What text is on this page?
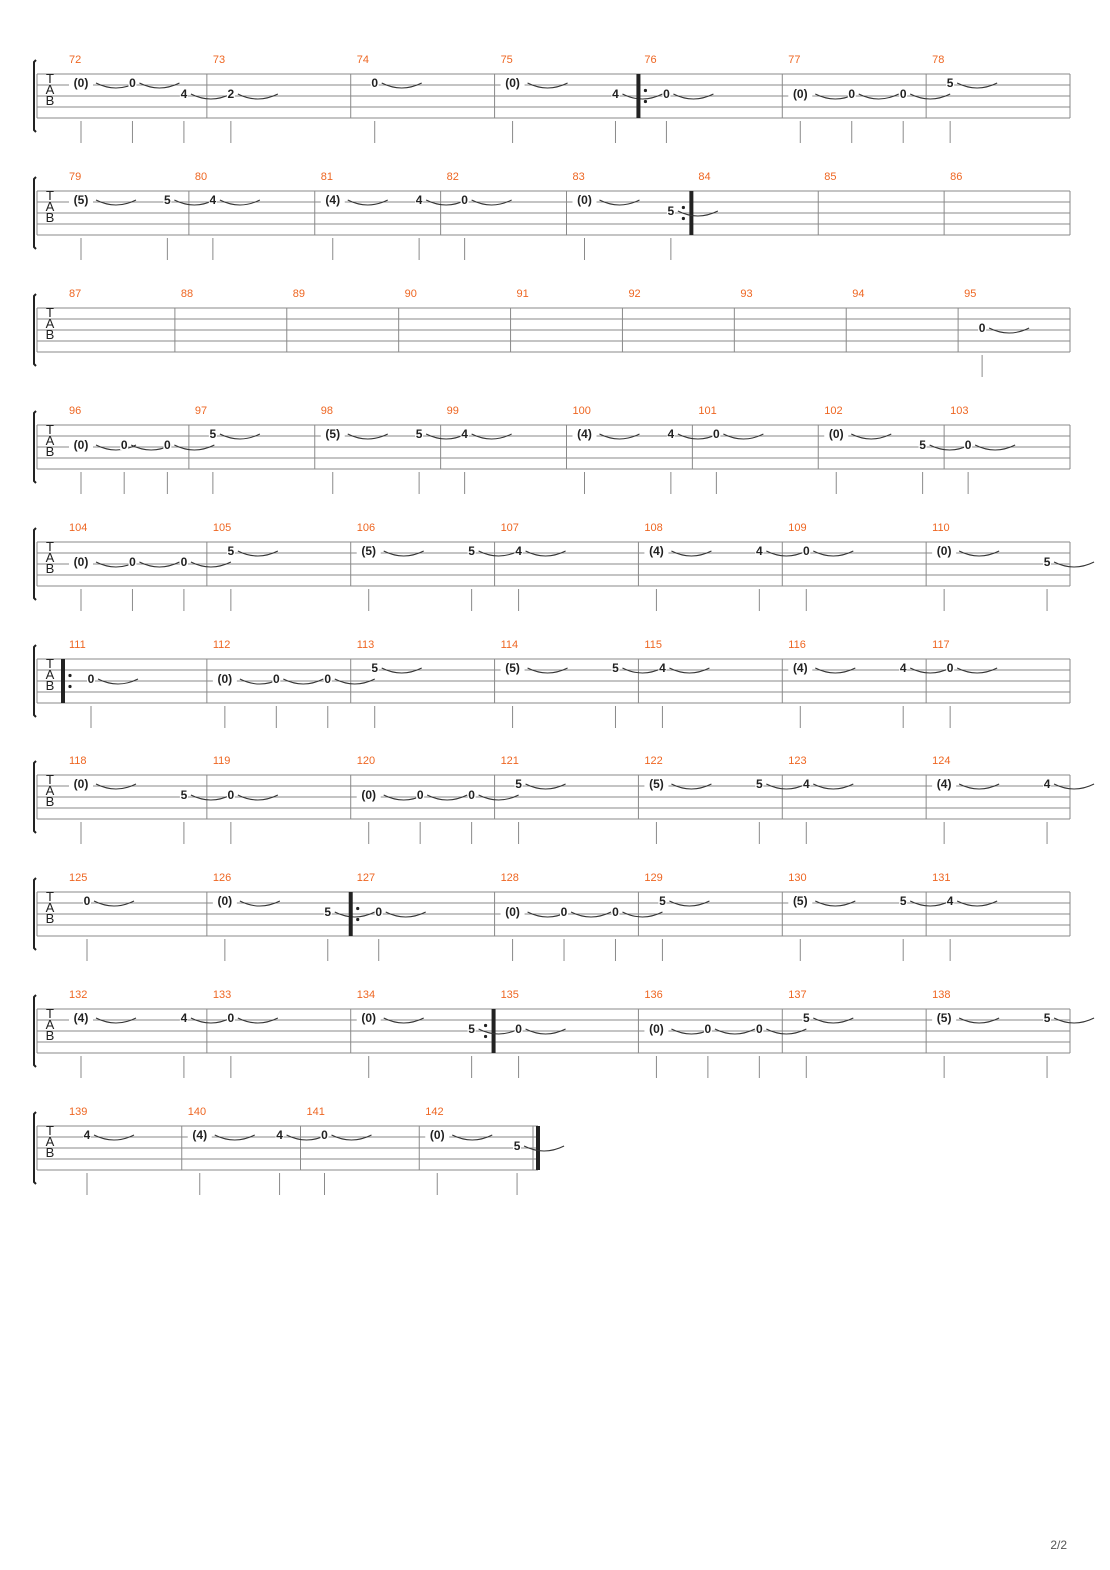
T
A
B
72
(0)	0
4
73
2
74
0
75
(0)
4
76
0
77
(0)	0	0
78
5
T
A
B
79
(5)	5
80
4
81
(4)	4
82
0
83
(0)
5
84	85	86
T
A
B
87	88	89	90	91	92	93	94	95
0
T
A
B
96
(0)	0	0
97
5
98
(5)	5
99
4
100
(4)	4
101
0
102
(0)
5
103
0
T
A
B
104
(0)	0	0
105
5
106
(5)	5
107
4
108
(4)	4
109
0
110
(0)
5
T
A
B
111
0
112
(0)	0	0
113
5
114
(5)	5
115
4
116
(4)	4
117
0
T
A
B
118
(0)
5
119
0
120
(0)	0	0
121
5
122
(5)	5
123
4
124
(4)	4
T
A
B
125
0
126
(0)
5
127
0
128
(0)	0	0
129
5
130
(5)	5
131
4
T
A
B
132
(4)	4
133
0
134
(0)
5
135
0
136
(0)	0	0
137
5
138
(5)	5
T
A
B
139
4
140
(4)	4
141
0
142
(0)
5
2/2
